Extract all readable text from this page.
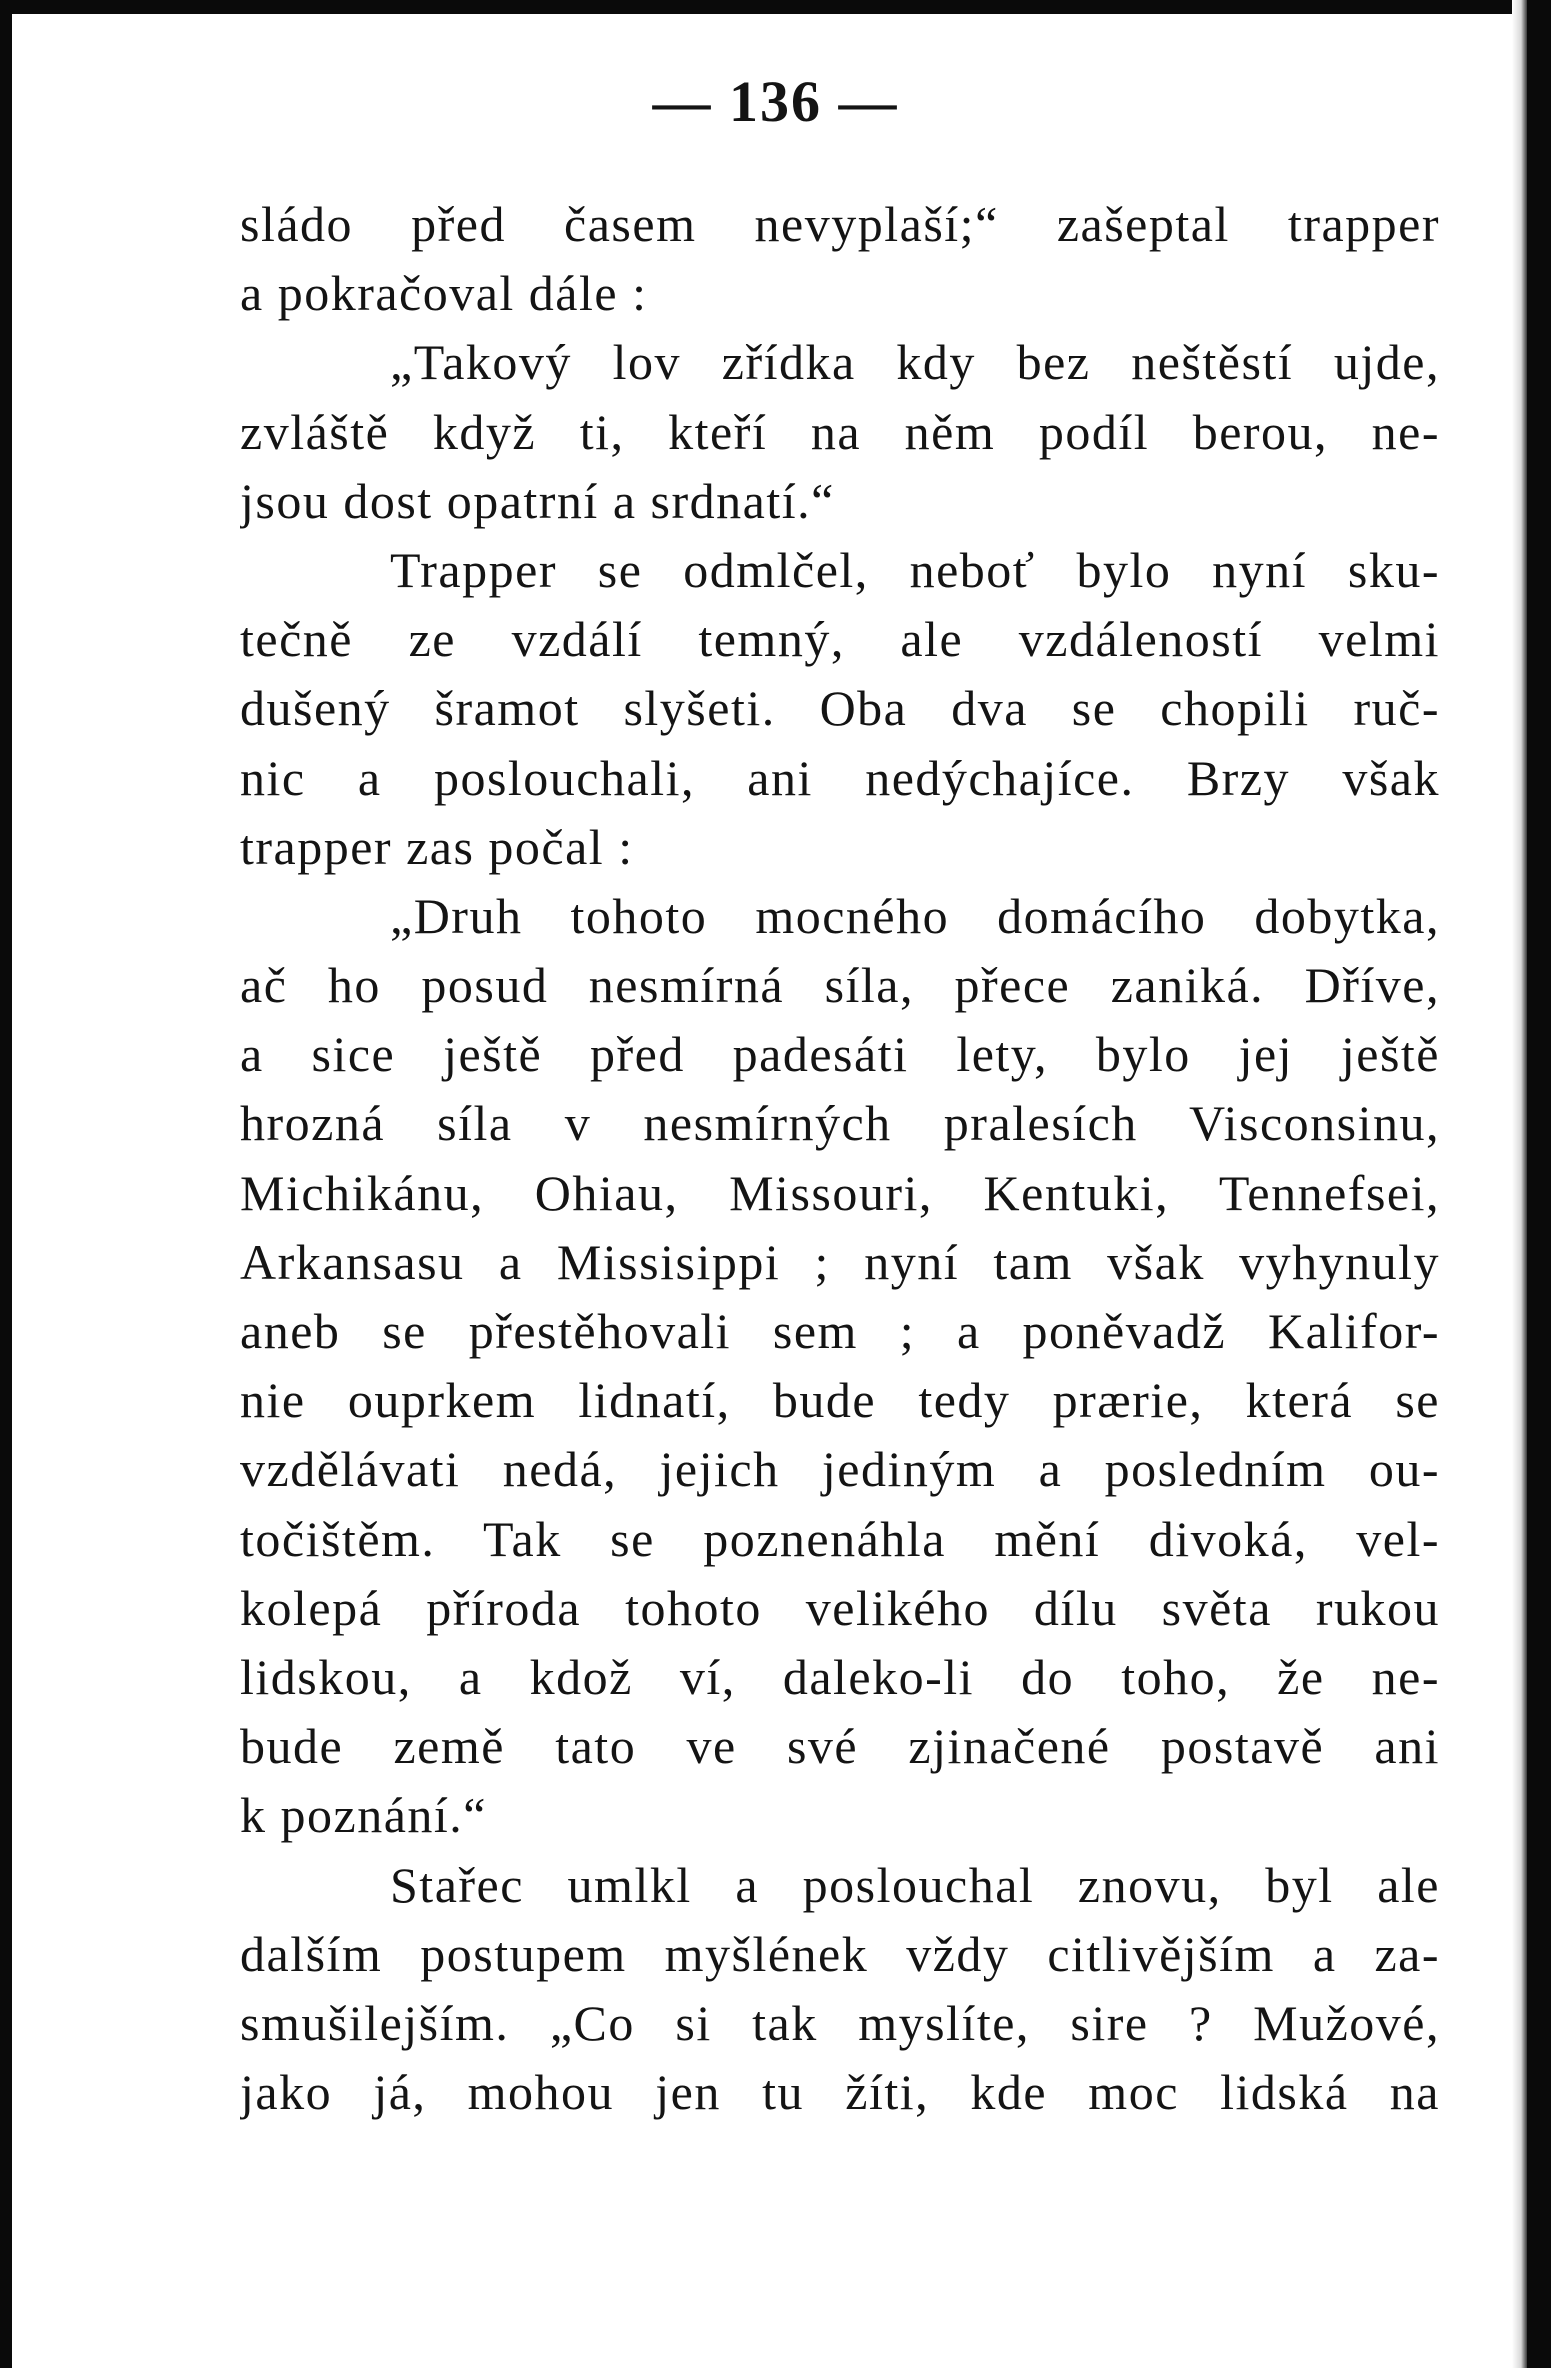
— 136 —
sládo před časem nevyplaší;“ zašeptal trapper
a pokračoval dále :
„Takový lov zřídka kdy bez neštěstí ujde,
zvláště když ti, kteří na něm podíl berou, ne-
jsou dost opatrní a srdnatí.“
Trapper se odmlčel, neboť bylo nyní sku-
tečně ze vzdálí temný, ale vzdáleností velmi
dušený šramot slyšeti. Oba dva se chopili ruč-
nic a poslouchali, ani nedýchajíce. Brzy však
trapper zas počal :
„Druh tohoto mocného domácího dobytka,
ač ho posud nesmírná síla, přece zaniká. Dříve,
a sice ještě před padesáti lety, bylo jej ještě
hrozná síla v nesmírných pralesích Visconsinu,
Michikánu, Ohiau, Missouri, Kentuki, Tennefsei,
Arkansasu a Missisippi ; nyní tam však vyhynuly
aneb se přestěhovali sem ; a poněvadž Kalifor-
nie ouprkem lidnatí, bude tedy prærie, která se
vzdělávati nedá, jejich jediným a posledním ou-
točištěm. Tak se poznenáhla mění divoká, vel-
kolepá příroda tohoto velikého dílu světa rukou
lidskou, a kdož ví, daleko-li do toho, že ne-
bude země tato ve své zjinačené postavě ani
k poznání.“
Stařec umlkl a poslouchal znovu, byl ale
dalším postupem myšlének vždy citlivějším a za-
smušilejším. „Co si tak myslíte, sire ? Mužové,
jako já, mohou jen tu žíti, kde moc lidská na
